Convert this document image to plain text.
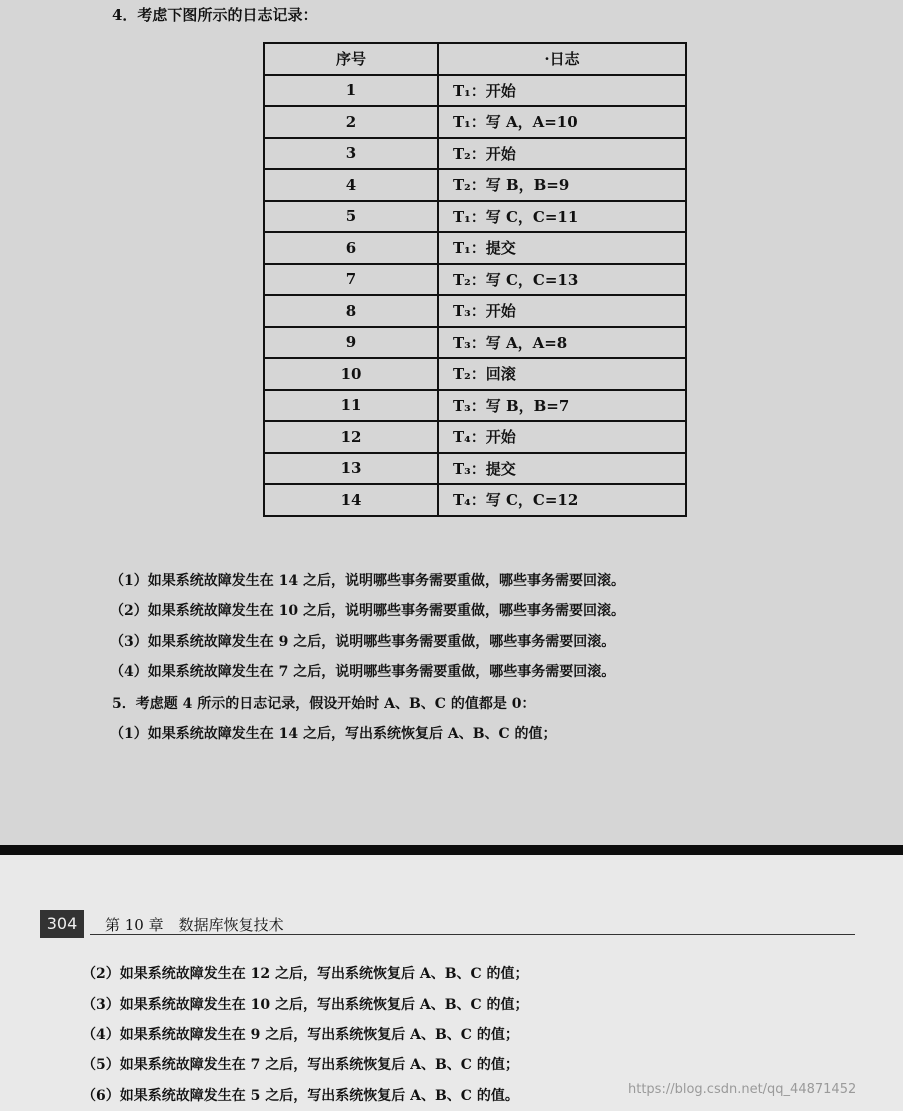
4．考虑下图所示的日志记录：
序号	·日志
1	T₁：开始
2	T₁：写 A，A=10
3	T₂：开始
4	T₂：写 B，B=9
5	T₁：写 C，C=11
6	T₁：提交
7	T₂：写 C，C=13
8	T₃：开始
9	T₃：写 A，A=8
10	T₂：回滚
11	T₃：写 B，B=7
12	T₄：开始
13	T₃：提交
14	T₄：写 C，C=12
（1）如果系统故障发生在 14 之后，说明哪些事务需要重做，哪些事务需要回滚。
（2）如果系统故障发生在 10 之后，说明哪些事务需要重做，哪些事务需要回滚。
（3）如果系统故障发生在 9 之后，说明哪些事务需要重做，哪些事务需要回滚。
（4）如果系统故障发生在 7 之后，说明哪些事务需要重做，哪些事务需要回滚。
5．考虑题 4 所示的日志记录，假设开始时 A、B、C 的值都是 0：
（1）如果系统故障发生在 14 之后，写出系统恢复后 A、B、C 的值；
304	第 10 章　数据库恢复技术
（2）如果系统故障发生在 12 之后，写出系统恢复后 A、B、C 的值；
（3）如果系统故障发生在 10 之后，写出系统恢复后 A、B、C 的值；
（4）如果系统故障发生在 9 之后，写出系统恢复后 A、B、C 的值；
（5）如果系统故障发生在 7 之后，写出系统恢复后 A、B、C 的值；
（6）如果系统故障发生在 5 之后，写出系统恢复后 A、B、C 的值。	https://blog.csdn.net/qq_44871452
